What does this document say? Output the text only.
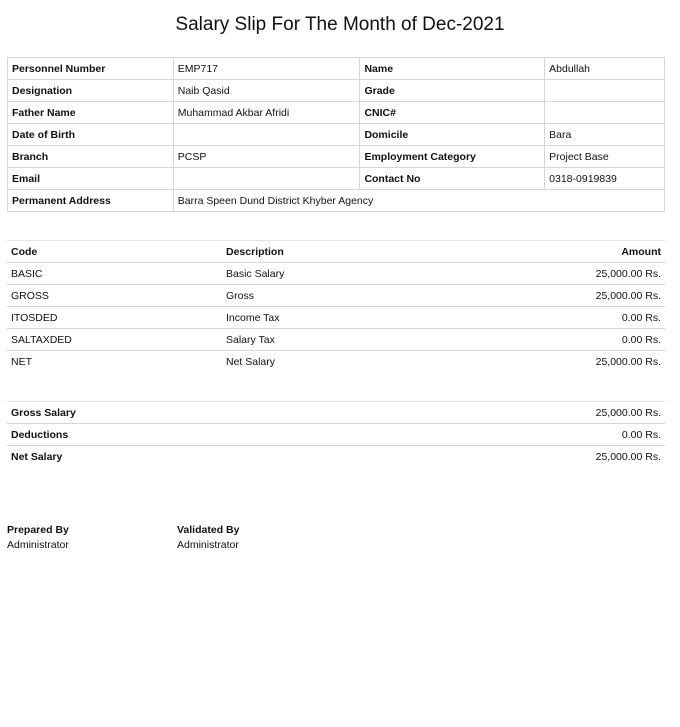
Salary Slip For The Month of Dec-2021
Personnel Number	EMP717	Name	Abdullah
Designation	Naib Qasid	Grade	
Father Name	Muhammad Akbar Afridi	CNIC#	
Date of Birth		Domicile	Bara
Branch	PCSP	Employment Category	Project Base
Email		Contact No	0318-0919839
Permanent Address	Barra Speen Dund District Khyber Agency		
Code	Description	Amount
BASIC	Basic Salary	25,000.00 Rs.
GROSS	Gross	25,000.00 Rs.
ITOSDED	Income Tax	0.00 Rs.
SALTAXDED	Salary Tax	0.00 Rs.
NET	Net Salary	25,000.00 Rs.
Gross Salary	25,000.00 Rs.
Deductions	0.00 Rs.
Net Salary	25,000.00 Rs.
Prepared By
Administrator
Validated By
Administrator
